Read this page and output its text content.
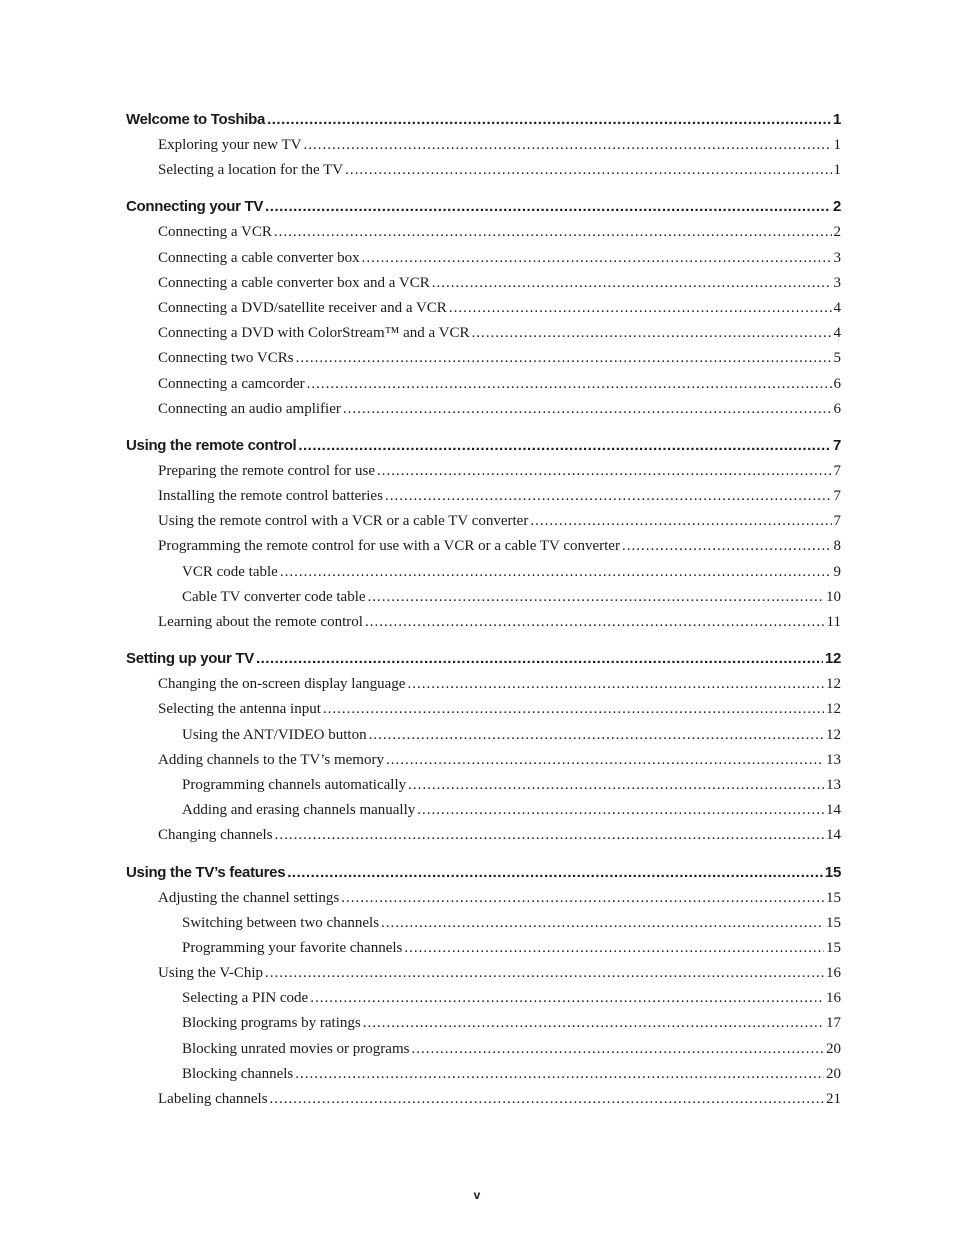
Welcome to Toshiba .....	1
Exploring your new TV .....	1
Selecting a location for the TV .....	1
Connecting your TV .....	2
Connecting a VCR .....	2
Connecting a cable converter box .....	3
Connecting a cable converter box and a VCR .....	3
Connecting a DVD/satellite receiver and a VCR .....	4
Connecting a DVD with ColorStream™ and a VCR .....	4
Connecting two VCRs .....	5
Connecting a camcorder .....	6
Connecting an audio amplifier .....	6
Using the remote control .....	7
Preparing the remote control for use .....	7
Installing the remote control batteries .....	7
Using the remote control with a VCR or a cable TV converter .....	7
Programming the remote control for use with a VCR or a cable TV converter .....	8
VCR code table .....	9
Cable TV converter code table .....	10
Learning about the remote control .....	11
Setting up your TV .....	12
Changing the on-screen display language .....	12
Selecting the antenna input .....	12
Using the ANT/VIDEO button .....	12
Adding channels to the TV’s memory .....	13
Programming channels automatically .....	13
Adding and erasing channels manually .....	14
Changing channels .....	14
Using the TV’s features .....	15
Adjusting the channel settings .....	15
Switching between two channels .....	15
Programming your favorite channels .....	15
Using the V-Chip .....	16
Selecting a PIN code .....	16
Blocking programs by ratings .....	17
Blocking unrated movies or programs .....	20
Blocking channels .....	20
Labeling channels .....	21
v
